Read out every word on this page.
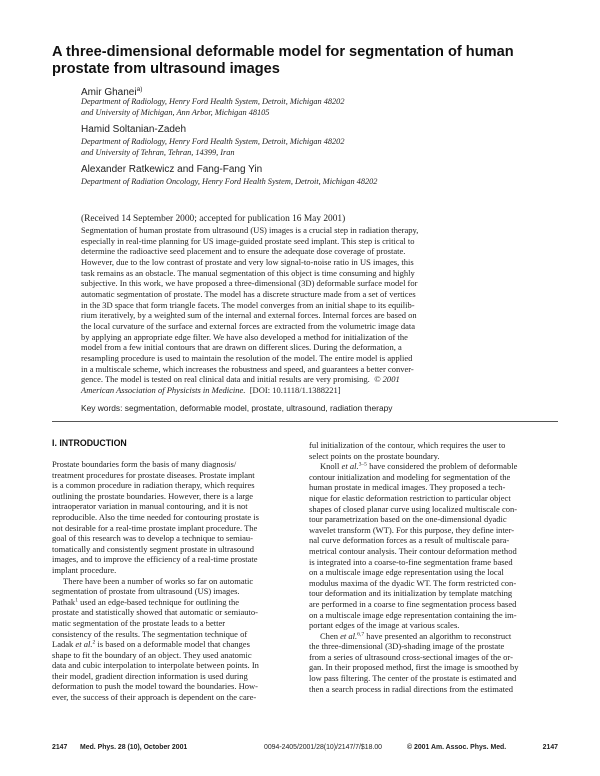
A three-dimensional deformable model for segmentation of human prostate from ultrasound images
Amir Ghanei$^{a)}$
Department of Radiology, Henry Ford Health System, Detroit, Michigan 48202
and University of Michigan, Ann Arbor, Michigan 48105
Hamid Soltanian-Zadeh
Department of Radiology, Henry Ford Health System, Detroit, Michigan 48202
and University of Tehran, Tehran, 14399, Iran
Alexander Ratkewicz and Fang-Fang Yin
Department of Radiation Oncology, Henry Ford Health System, Detroit, Michigan 48202
(Received 14 September 2000; accepted for publication 16 May 2001)
Segmentation of human prostate from ultrasound (US) images is a crucial step in radiation therapy,
especially in real-time planning for US image-guided prostate seed implant. This step is critical to
determine the radioactive seed placement and to ensure the adequate dose coverage of prostate.
However, due to the low contrast of prostate and very low signal-to-noise ratio in US images, this
task remains as an obstacle. The manual segmentation of this object is time consuming and highly
subjective. In this work, we have proposed a three-dimensional (3D) deformable surface model for
automatic segmentation of prostate. The model has a discrete structure made from a set of vertices
in the 3D space that form triangle facets. The model converges from an initial shape to its equilib-
rium iteratively, by a weighted sum of the internal and external forces. Internal forces are based on
the local curvature of the surface and external forces are extracted from the volumetric image data
by applying an appropriate edge filter. We have also developed a method for initialization of the
model from a few initial contours that are drawn on different slices. During the deformation, a
resampling procedure is used to maintain the resolution of the model. The entire model is applied
in a multiscale scheme, which increases the robustness and speed, and guarantees a better conver-
gence. The model is tested on real clinical data and initial results are very promising. © 2001
American Association of Physicists in Medicine. [DOI: 10.1118/1.1388221]
Key words: segmentation, deformable model, prostate, ultrasound, radiation therapy
I. INTRODUCTION

Prostate boundaries form the basis of many diagnosis/
treatment procedures for prostate diseases. Prostate implant
is a common procedure in radiation therapy, which requires
outlining the prostate boundaries. However, there is a large
intraoperator variation in manual contouring, and it is not
reproducible. Also the time needed for contouring prostate is
not desirable for a real-time prostate implant procedure. The
goal of this research was to develop a technique to semiau-
tomatically and consistently segment prostate in ultrasound
images, and to improve the efficiency of a real-time prostate
implant procedure.

There have been a number of works so far on automatic
segmentation of prostate from ultrasound (US) images.
Pathak$^1$ used an edge-based technique for outlining the
prostate and statistically showed that automatic or semiauto-
matic segmentation of the prostate leads to a better
consistency of the results. The segmentation technique of
Ladak et al.$^2$ is based on a deformable model that changes
shape to fit the boundary of an object. They used anatomic
data and cubic interpolation to interpolate between points. In
their model, gradient direction information is used during
deformation to push the model toward the boundaries. How-
ever, the success of their approach is dependent on the care-

ful initialization of the contour, which requires the user to
select points on the prostate boundary.

Knoll et al.$^{3-5}$ have considered the problem of deformable
contour initialization and modeling for segmentation of the
human prostate in medical images. They proposed a tech-
nique for elastic deformation restriction to particular object
shapes of closed planar curve using localized multiscale con-
tour parametrization based on the one-dimensional dyadic
wavelet transform (WT). For this purpose, they define inter-
nal curve deformation forces as a result of multiscale para-
metrical contour analysis. Their contour deformation method
is integrated into a coarse-to-fine segmentation frame based
on a multiscale image edge representation using the local
modulus maxima of the dyadic WT. The form restricted con-
tour deformation and its initialization by template matching
are performed in a coarse to fine segmentation process based
on a multiscale image edge representation containing the im-
portant edges of the image at various scales.

Chen et al.$^{6,7}$ have presented an algorithm to reconstruct
the three-dimensional (3D)-shading image of the prostate
from a series of ultrasound cross-sectional images of the or-
gan. In their proposed method, first the image is smoothed by
low pass filtering. The center of the prostate is estimated and
then a search process in radial directions from the estimated

2147 Med. Phys. 28 (10), October 2001	0094-2405/2001/28(10)/2147/7/$18.00	© 2001 Am. Assoc. Phys. Med.	2147
